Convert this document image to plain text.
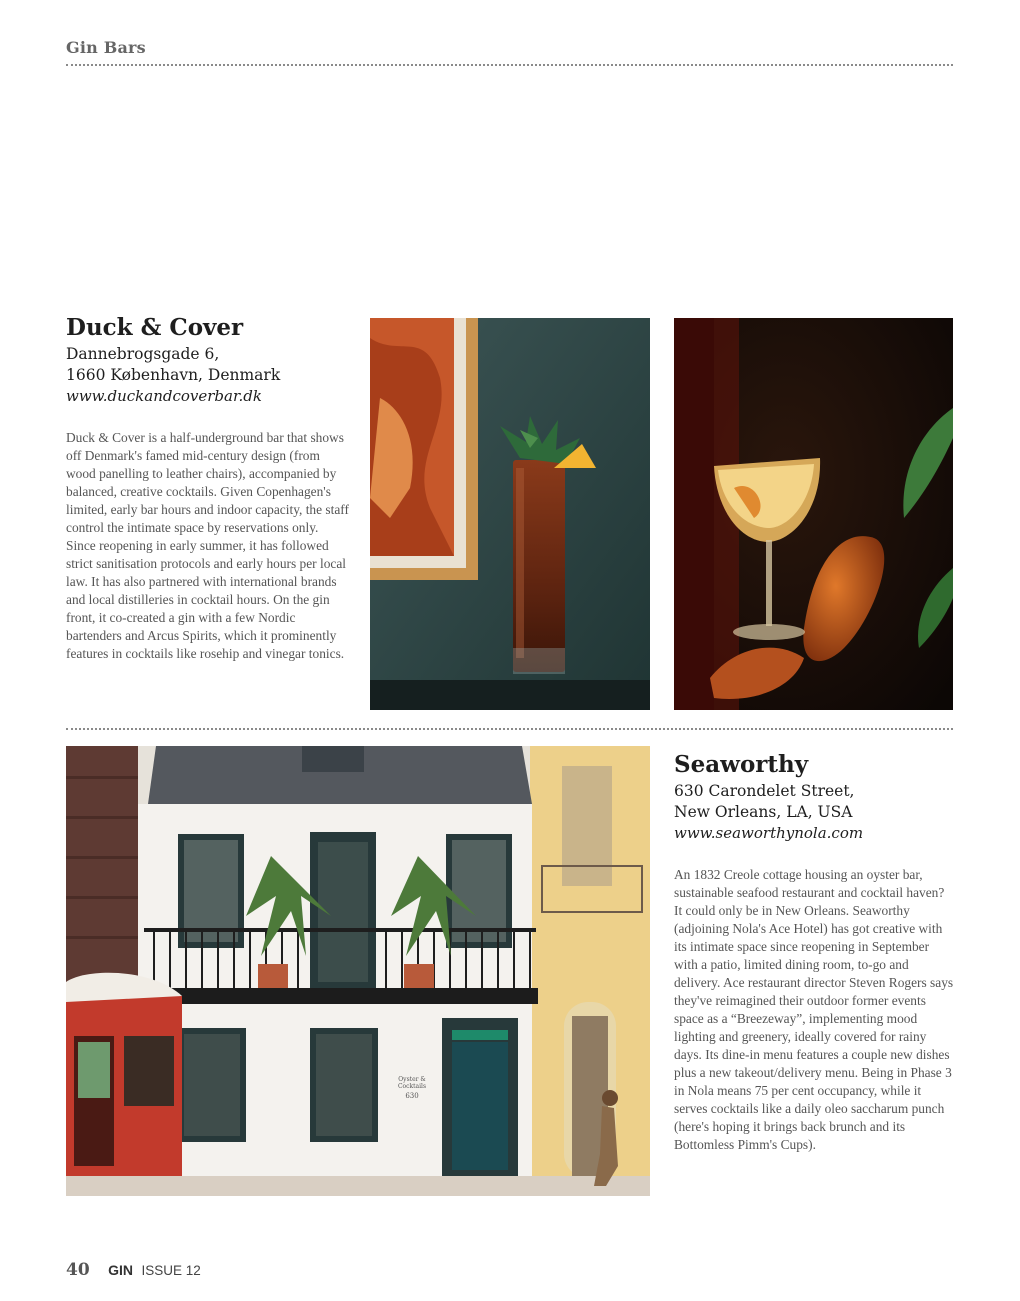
Gin Bars
Duck & Cover
Dannebrogsgade 6,
1660 København, Denmark
www.duckandcoverbar.dk
Duck & Cover is a half-underground bar that shows off Denmark's famed mid-century design (from wood panelling to leather chairs), accompanied by balanced, creative cocktails. Given Copenhagen's limited, early bar hours and indoor capacity, the staff control the intimate space by reservations only. Since reopening in early summer, it has followed strict sanitisation protocols and early hours per local law. It has also partnered with international brands and local distilleries in cocktail hours. On the gin front, it co-created a gin with a few Nordic bartenders and Arcus Spirits, which it prominently features in cocktails like rosehip and vinegar tonics.
Oyster &
Cocktails
630
Seaworthy
630 Carondelet Street,
New Orleans, LA, USA
www.seaworthynola.com
An 1832 Creole cottage housing an oyster bar, sustainable seafood restaurant and cocktail haven? It could only be in New Orleans. Seaworthy (adjoining Nola's Ace Hotel) has got creative with its intimate space since reopening in September with a patio, limited dining room, to-go and delivery. Ace restaurant director Steven Rogers says they've reimagined their outdoor former events space as a “Breezeway”, implementing mood lighting and greenery, ideally covered for rainy days. Its dine-in menu features a couple new dishes plus a new takeout/delivery menu. Being in Phase 3 in Nola means 75 per cent occupancy, while it serves cocktails like a daily oleo saccharum punch (here's hoping it brings back brunch and its Bottomless Pimm's Cups).
40 GIN ISSUE 12
